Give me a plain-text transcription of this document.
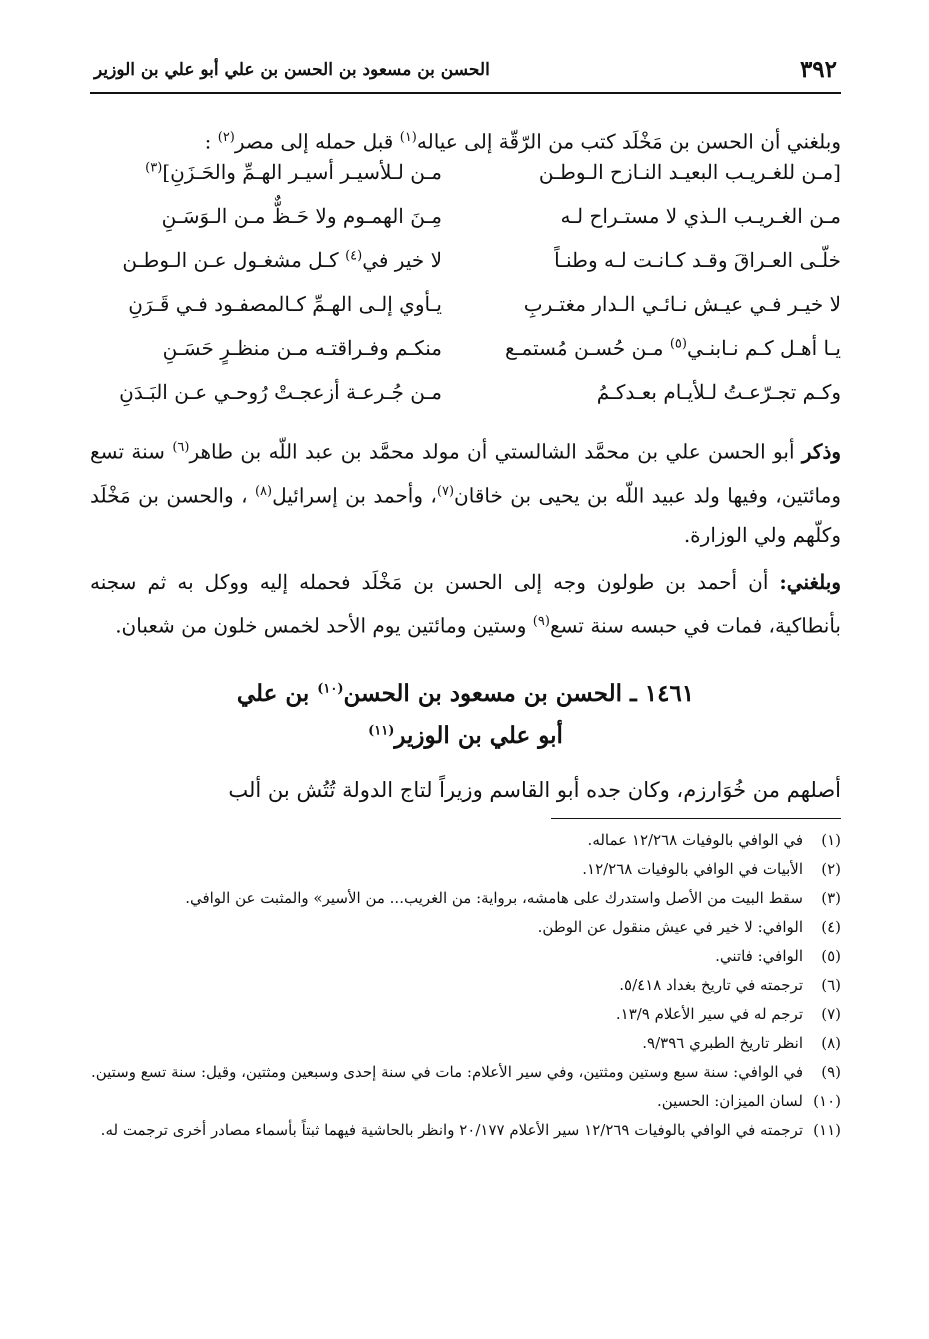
٣٩٢
الحسن بن مسعود بن الحسن بن علي أبو علي بن الوزير
وبلغني أن الحسن بن مَخْلَد كتب من الرّقّة إلى عياله$^{(١)}$ قبل حمله إلى مصر$^{(٢)}$ :
[مـن للغـريـب البعيـد النـازح الـوطـن
مـن لـلأسيـر أسيـر الهـمِّ والحَـزَنِ]$^{(٣)}$
مـن الغـريـب الـذي لا مستـراح لـه
مِـنَ الهمـوم ولا حَـظٌّ مـن الـوَسَـنِ
خلّـى العـراقَ وقـد كـانـت لـه وطنـاً
لا خير في$^{(٤)}$ كـل مشغـول عـن الـوطـن
لا خيـر فـي عيـش نـائـي الـدار مغتـربِ
يـأوي إلـى الهـمِّ كـالمصفـود فـي قَـرَنِ
يـا أهـل كـم نـابنـي$^{(٥)}$ مـن حُسـن مُستمـع
منكـم وفـراقتـه مـن منظـرٍ حَسَـنِ
وكـم تجـرّعـتُ لـلأيـام بعـدكـمُ
مـن جُـرعـة أزعجـتْ رُوحـي عـن البَـدَنِ
وذكر أبو الحسن علي بن محمَّد الشالستي أن مولد محمَّد بن عبد اللّه بن طاهر$^{(٦)}$ سنة تسع ومائتين، وفيها ولد عبيد اللّه بن يحيى بن خاقان$^{(٧)}$، وأحمد بن إسرائيل$^{(٨)}$ ، والحسن بن مَخْلَد وكلّهم ولي الوزارة.
وبلغني: أن أحمد بن طولون وجه إلى الحسن بن مَخْلَد فحمله إليه ووكل به ثم سجنه بأنطاكية، فمات في حبسه سنة تسع$^{(٩)}$ وستين ومائتين يوم الأحد لخمس خلون من شعبان.
١٤٦١ ـ الحسن بن مسعود بن الحسن$^{(١٠)}$ بن علي
أبو علي بن الوزير$^{(١١)}$
أصلهم من خُوَارزم، وكان جده أبو القاسم وزيراً لتاج الدولة تُتُش بن ألب
(١)
في الوافي بالوفيات ١٢/٢٦٨ عماله.
(٢)
الأبيات في الوافي بالوفيات ١٢/٢٦٨.
(٣)
سقط البيت من الأصل واستدرك على هامشه، برواية: من الغريب... من الأسير» والمثبت عن الوافي.
(٤)
الوافي: لا خير في عيش منقول عن الوطن.
(٥)
الوافي: فاتني.
(٦)
ترجمته في تاريخ بغداد ٥/٤١٨.
(٧)
ترجم له في سير الأعلام ١٣/٩.
(٨)
انظر تاريخ الطبري ٩/٣٩٦.
(٩)
في الوافي: سنة سبع وستين ومثتين، وفي سير الأعلام: مات في سنة إحدى وسبعين ومثتين، وقيل: سنة تسع وستين.
(١٠)
لسان الميزان: الحسين.
(١١)
ترجمته في الوافي بالوفيات ١٢/٢٦٩ سير الأعلام ٢٠/١٧٧ وانظر بالحاشية فيهما ثبتاً بأسماء مصادر أخرى ترجمت له.
